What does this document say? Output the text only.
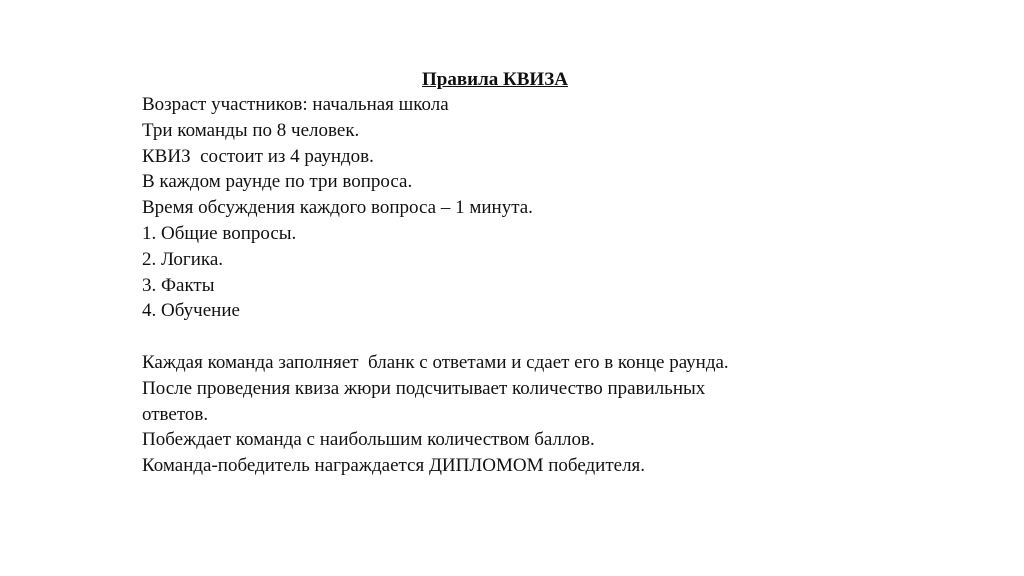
Правила КВИЗА
Возраст участников: начальная школа
Три команды по 8 человек.
КВИЗ  состоит из 4 раундов.
В каждом раунде по три вопроса.
Время обсуждения каждого вопроса – 1 минута.
1. Общие вопросы.
2. Логика.
3. Факты
4. Обучение
Каждая команда заполняет  бланк с ответами и сдает его в конце раунда.
После проведения квиза жюри подсчитывает количество правильных
ответов.
Побеждает команда с наибольшим количеством баллов.
Команда-победитель награждается ДИПЛОМОМ победителя.
